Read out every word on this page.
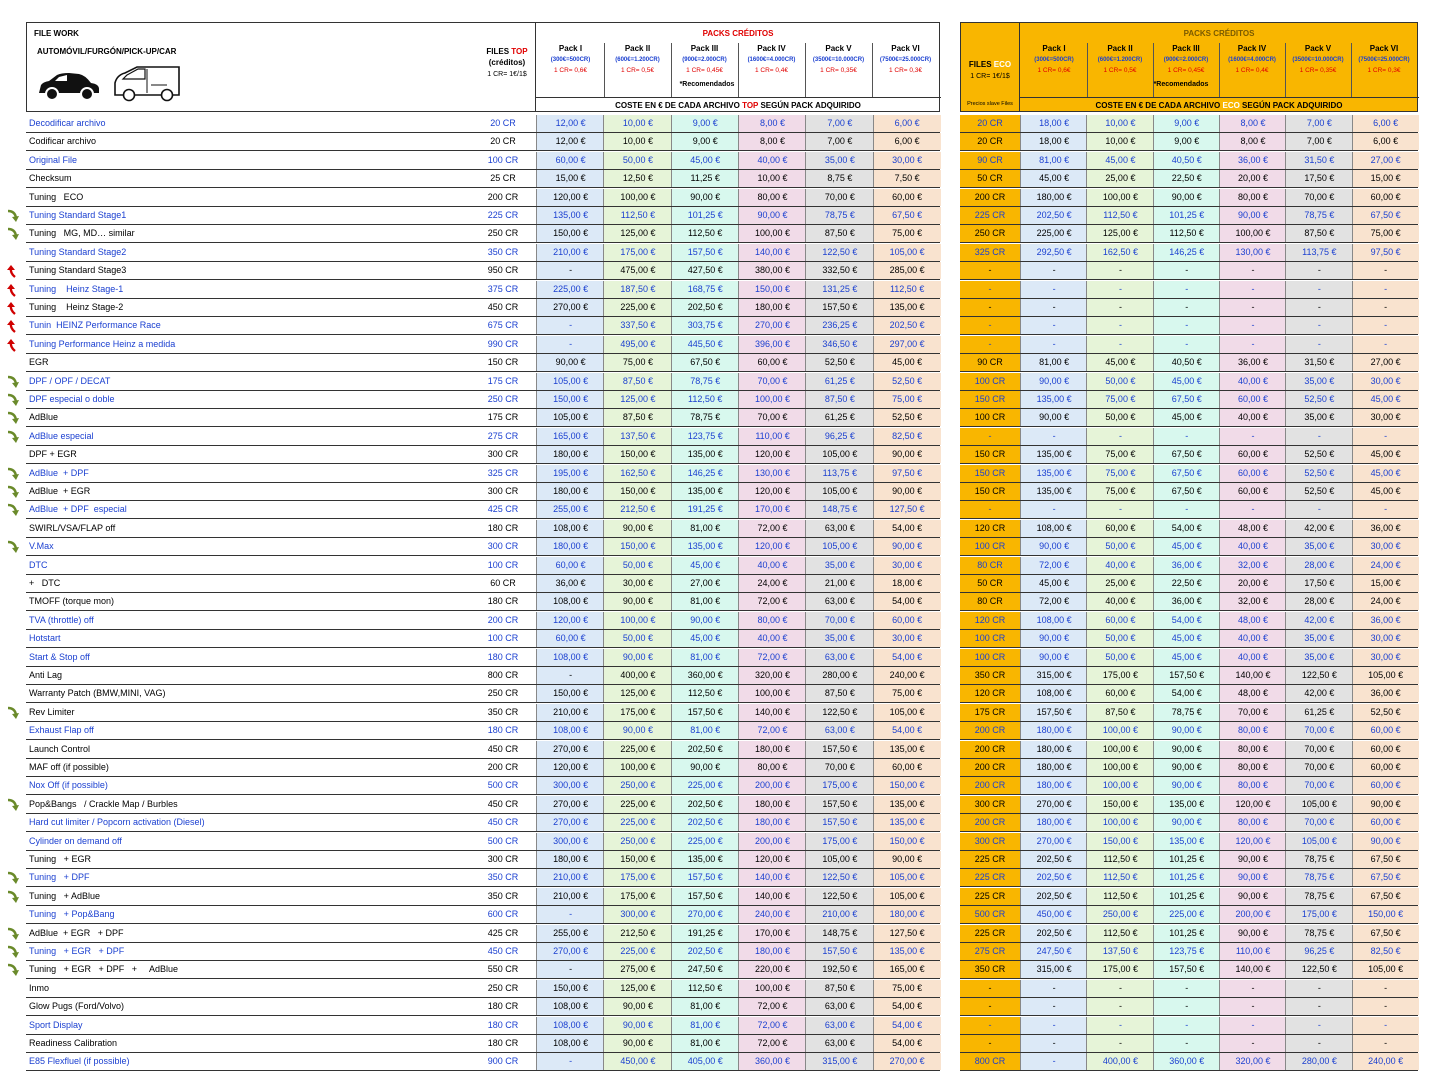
FILE WORK
AUTOMÓVIL/FURGÓN/PICK-UP/CAR	FILES TOP
(créditos)
1 CR= 1€/1$
PACKS CRÉDITOS
Pack I
(300€=500CR)
1 CR= 0,6€
Pack II
(600€=1.200CR)
1 CR= 0,5€
Pack III
(900€=2.000CR)
1 CR= 0,45€
Pack IV
(1600€=4.000CR)
1 CR= 0,4€
Pack V
(3500€=10.000CR)
1 CR= 0,35€
Pack VI
(7500€=25.000CR)
1 CR= 0,3€
*Recomendados
COSTE EN € DE CADA ARCHIVO TOP SEGÚN PACK ADQUIRIDO
FILES ECO
1 CR= 1€/1$
Precios slave Files
PACKS CRÉDITOS
Pack I
(300€=500CR)
1 CR= 0,6€
Pack II
(600€=1.200CR)
1 CR= 0,5€
Pack III
(900€=2.000CR)
1 CR= 0,45€
Pack IV
(1600€=4.000CR)
1 CR= 0,4€
Pack V
(3500€=10.000CR)
1 CR= 0,35€
Pack VI
(7500€=25.000CR)
1 CR= 0,3€
*Recomendados
COSTE EN € DE CADA ARCHIVO ECO SEGÚN PACK ADQUIRIDO
Decodificar archivo	20 CR	12,00 €	10,00 €	9,00 €	8,00 €	7,00 €	6,00 €	20 CR	18,00 €	10,00 €	9,00 €	8,00 €	7,00 €	6,00 €
Codificar archivo	20 CR	12,00 €	10,00 €	9,00 €	8,00 €	7,00 €	6,00 €	20 CR	18,00 €	10,00 €	9,00 €	8,00 €	7,00 €	6,00 €
Original File	100 CR	60,00 €	50,00 €	45,00 €	40,00 €	35,00 €	30,00 €	90 CR	81,00 €	45,00 €	40,50 €	36,00 €	31,50 €	27,00 €
Checksum	25 CR	15,00 €	12,50 €	11,25 €	10,00 €	8,75 €	7,50 €	50 CR	45,00 €	25,00 €	22,50 €	20,00 €	17,50 €	15,00 €
Tuning   ECO	200 CR	120,00 €	100,00 €	90,00 €	80,00 €	70,00 €	60,00 €	200 CR	180,00 €	100,00 €	90,00 €	80,00 €	70,00 €	60,00 €
Tuning Standard Stage1	225 CR	135,00 €	112,50 €	101,25 €	90,00 €	78,75 €	67,50 €	225 CR	202,50 €	112,50 €	101,25 €	90,00 €	78,75 €	67,50 €
Tuning   MG, MD… similar	250 CR	150,00 €	125,00 €	112,50 €	100,00 €	87,50 €	75,00 €	250 CR	225,00 €	125,00 €	112,50 €	100,00 €	87,50 €	75,00 €
Tuning Standard Stage2	350 CR	210,00 €	175,00 €	157,50 €	140,00 €	122,50 €	105,00 €	325 CR	292,50 €	162,50 €	146,25 €	130,00 €	113,75 €	97,50 €
Tuning Standard Stage3	950 CR	-	475,00 €	427,50 €	380,00 €	332,50 €	285,00 €	-	-	-	-	-	-	-
Tuning    Heinz Stage-1	375 CR	225,00 €	187,50 €	168,75 €	150,00 €	131,25 €	112,50 €	-	-	-	-	-	-	-
Tuning    Heinz Stage-2	450 CR	270,00 €	225,00 €	202,50 €	180,00 €	157,50 €	135,00 €	-	-	-	-	-	-	-
Tunin  HEINZ Performance Race	675 CR	-	337,50 €	303,75 €	270,00 €	236,25 €	202,50 €	-	-	-	-	-	-	-
Tuning Performance Heinz a medida	990 CR	-	495,00 €	445,50 €	396,00 €	346,50 €	297,00 €	-	-	-	-	-	-	-
EGR	150 CR	90,00 €	75,00 €	67,50 €	60,00 €	52,50 €	45,00 €	90 CR	81,00 €	45,00 €	40,50 €	36,00 €	31,50 €	27,00 €
DPF / OPF / DECAT	175 CR	105,00 €	87,50 €	78,75 €	70,00 €	61,25 €	52,50 €	100 CR	90,00 €	50,00 €	45,00 €	40,00 €	35,00 €	30,00 €
DPF especial o doble	250 CR	150,00 €	125,00 €	112,50 €	100,00 €	87,50 €	75,00 €	150 CR	135,00 €	75,00 €	67,50 €	60,00 €	52,50 €	45,00 €
AdBlue	175 CR	105,00 €	87,50 €	78,75 €	70,00 €	61,25 €	52,50 €	100 CR	90,00 €	50,00 €	45,00 €	40,00 €	35,00 €	30,00 €
AdBlue especial	275 CR	165,00 €	137,50 €	123,75 €	110,00 €	96,25 €	82,50 €	-	-	-	-	-	-	-
DPF + EGR	300 CR	180,00 €	150,00 €	135,00 €	120,00 €	105,00 €	90,00 €	150 CR	135,00 €	75,00 €	67,50 €	60,00 €	52,50 €	45,00 €
AdBlue  + DPF	325 CR	195,00 €	162,50 €	146,25 €	130,00 €	113,75 €	97,50 €	150 CR	135,00 €	75,00 €	67,50 €	60,00 €	52,50 €	45,00 €
AdBlue  + EGR	300 CR	180,00 €	150,00 €	135,00 €	120,00 €	105,00 €	90,00 €	150 CR	135,00 €	75,00 €	67,50 €	60,00 €	52,50 €	45,00 €
AdBlue  + DPF  especial	425 CR	255,00 €	212,50 €	191,25 €	170,00 €	148,75 €	127,50 €	-	-	-	-	-	-	-
SWIRL/VSA/FLAP off	180 CR	108,00 €	90,00 €	81,00 €	72,00 €	63,00 €	54,00 €	120 CR	108,00 €	60,00 €	54,00 €	48,00 €	42,00 €	36,00 €
V.Max	300 CR	180,00 €	150,00 €	135,00 €	120,00 €	105,00 €	90,00 €	100 CR	90,00 €	50,00 €	45,00 €	40,00 €	35,00 €	30,00 €
DTC	100 CR	60,00 €	50,00 €	45,00 €	40,00 €	35,00 €	30,00 €	80 CR	72,00 €	40,00 €	36,00 €	32,00 €	28,00 €	24,00 €
+   DTC	60 CR	36,00 €	30,00 €	27,00 €	24,00 €	21,00 €	18,00 €	50 CR	45,00 €	25,00 €	22,50 €	20,00 €	17,50 €	15,00 €
TMOFF (torque mon)	180 CR	108,00 €	90,00 €	81,00 €	72,00 €	63,00 €	54,00 €	80 CR	72,00 €	40,00 €	36,00 €	32,00 €	28,00 €	24,00 €
TVA (throttle) off	200 CR	120,00 €	100,00 €	90,00 €	80,00 €	70,00 €	60,00 €	120 CR	108,00 €	60,00 €	54,00 €	48,00 €	42,00 €	36,00 €
Hotstart	100 CR	60,00 €	50,00 €	45,00 €	40,00 €	35,00 €	30,00 €	100 CR	90,00 €	50,00 €	45,00 €	40,00 €	35,00 €	30,00 €
Start & Stop off	180 CR	108,00 €	90,00 €	81,00 €	72,00 €	63,00 €	54,00 €	100 CR	90,00 €	50,00 €	45,00 €	40,00 €	35,00 €	30,00 €
Anti Lag	800 CR	-	400,00 €	360,00 €	320,00 €	280,00 €	240,00 €	350 CR	315,00 €	175,00 €	157,50 €	140,00 €	122,50 €	105,00 €
Warranty Patch (BMW,MINI, VAG)	250 CR	150,00 €	125,00 €	112,50 €	100,00 €	87,50 €	75,00 €	120 CR	108,00 €	60,00 €	54,00 €	48,00 €	42,00 €	36,00 €
Rev Limiter	350 CR	210,00 €	175,00 €	157,50 €	140,00 €	122,50 €	105,00 €	175 CR	157,50 €	87,50 €	78,75 €	70,00 €	61,25 €	52,50 €
Exhaust Flap off	180 CR	108,00 €	90,00 €	81,00 €	72,00 €	63,00 €	54,00 €	200 CR	180,00 €	100,00 €	90,00 €	80,00 €	70,00 €	60,00 €
Launch Control	450 CR	270,00 €	225,00 €	202,50 €	180,00 €	157,50 €	135,00 €	200 CR	180,00 €	100,00 €	90,00 €	80,00 €	70,00 €	60,00 €
MAF off (if possible)	200 CR	120,00 €	100,00 €	90,00 €	80,00 €	70,00 €	60,00 €	200 CR	180,00 €	100,00 €	90,00 €	80,00 €	70,00 €	60,00 €
Nox Off (if possible)	500 CR	300,00 €	250,00 €	225,00 €	200,00 €	175,00 €	150,00 €	200 CR	180,00 €	100,00 €	90,00 €	80,00 €	70,00 €	60,00 €
Pop&Bangs   / Crackle Map / Burbles	450 CR	270,00 €	225,00 €	202,50 €	180,00 €	157,50 €	135,00 €	300 CR	270,00 €	150,00 €	135,00 €	120,00 €	105,00 €	90,00 €
Hard cut limiter / Popcorn activation (Diesel)	450 CR	270,00 €	225,00 €	202,50 €	180,00 €	157,50 €	135,00 €	200 CR	180,00 €	100,00 €	90,00 €	80,00 €	70,00 €	60,00 €
Cylinder on demand off	500 CR	300,00 €	250,00 €	225,00 €	200,00 €	175,00 €	150,00 €	300 CR	270,00 €	150,00 €	135,00 €	120,00 €	105,00 €	90,00 €
Tuning   + EGR	300 CR	180,00 €	150,00 €	135,00 €	120,00 €	105,00 €	90,00 €	225 CR	202,50 €	112,50 €	101,25 €	90,00 €	78,75 €	67,50 €
Tuning   + DPF	350 CR	210,00 €	175,00 €	157,50 €	140,00 €	122,50 €	105,00 €	225 CR	202,50 €	112,50 €	101,25 €	90,00 €	78,75 €	67,50 €
Tuning   + AdBlue	350 CR	210,00 €	175,00 €	157,50 €	140,00 €	122,50 €	105,00 €	225 CR	202,50 €	112,50 €	101,25 €	90,00 €	78,75 €	67,50 €
Tuning   + Pop&Bang	600 CR	-	300,00 €	270,00 €	240,00 €	210,00 €	180,00 €	500 CR	450,00 €	250,00 €	225,00 €	200,00 €	175,00 €	150,00 €
AdBlue  + EGR   + DPF	425 CR	255,00 €	212,50 €	191,25 €	170,00 €	148,75 €	127,50 €	225 CR	202,50 €	112,50 €	101,25 €	90,00 €	78,75 €	67,50 €
Tuning   + EGR   + DPF	450 CR	270,00 €	225,00 €	202,50 €	180,00 €	157,50 €	135,00 €	275 CR	247,50 €	137,50 €	123,75 €	110,00 €	96,25 €	82,50 €
Tuning   + EGR   + DPF   +     AdBlue	550 CR	-	275,00 €	247,50 €	220,00 €	192,50 €	165,00 €	350 CR	315,00 €	175,00 €	157,50 €	140,00 €	122,50 €	105,00 €
Inmo	250 CR	150,00 €	125,00 €	112,50 €	100,00 €	87,50 €	75,00 €	-	-	-	-	-	-	-
Glow Pugs (Ford/Volvo)	180 CR	108,00 €	90,00 €	81,00 €	72,00 €	63,00 €	54,00 €	-	-	-	-	-	-	-
Sport Display	180 CR	108,00 €	90,00 €	81,00 €	72,00 €	63,00 €	54,00 €	-	-	-	-	-	-	-
Readiness Calibration	180 CR	108,00 €	90,00 €	81,00 €	72,00 €	63,00 €	54,00 €	-	-	-	-	-	-	-
E85 Flexfluel (if possible)	900 CR	-	450,00 €	405,00 €	360,00 €	315,00 €	270,00 €	800 CR	-	400,00 €	360,00 €	320,00 €	280,00 €	240,00 €
